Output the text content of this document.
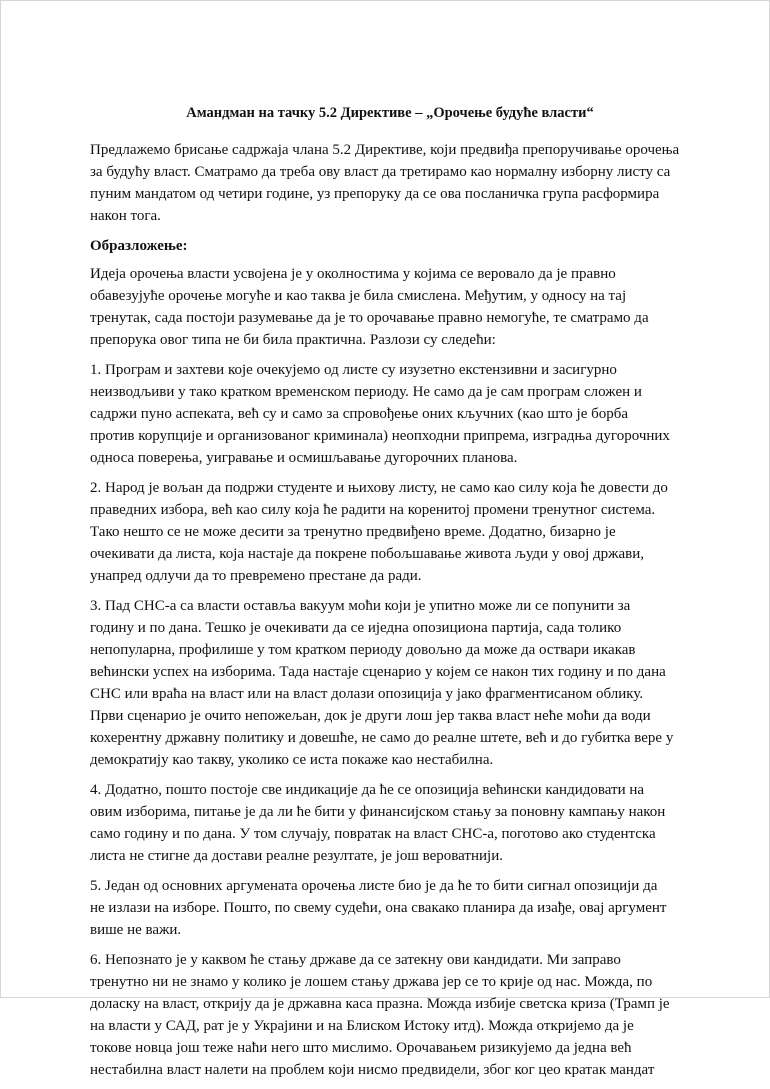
Амандман на тачку 5.2 Директиве – „Орочење будуће власти“

Предлажемо брисање садржаја члана 5.2 Директиве, који предвиђа препоручивање орочења
за будућу власт. Сматрамо да треба ову власт да третирамо као нормалну изборну листу са
пуним мандатом од четири године, уз препоруку да се ова посланичка група расформира
након тога.

Образложење:

Идеја орочења власти усвојена је у околностима у којима се веровало да је правно
обавезујуће орочење могуће и као таква је била смислена. Међутим, у односу на тај
тренутак, сада постоји разумевање да је то орочавање правно немогуће, те сматрамо да
препорука овог типа не би била практична. Разлози су следећи:

1. Програм и захтеви које очекујемо од листе су изузетно екстензивни и засигурно
неизводљиви у тако кратком временском периоду. Не само да је сам програм сложен и
садржи пуно аспеката, већ су и само за спровођење оних кључних (као што је борба
против корупције и организованог криминала) неопходни припрема, изградња дугорочних
односа поверења, уигравање и осмишљавање дугорочних планова.

2. Народ је вољан да подржи студенте и њихову листу, не само као силу која ће довести до
праведних избора, већ као силу која ће радити на коренитој промени тренутног система.
Тако нешто се не може десити за тренутно предвиђено време. Додатно, бизарно је
очекивати да листа, која настаје да покрене побољшавање живота људи у овој држави,
унапред одлучи да то превремено престане да ради.

3. Пад СНС-а са власти оставља вакуум моћи који је упитно може ли се попунити за
годину и по дана. Тешко је очекивати да се иједна опозициона партија, сада толико
непопуларна, профилише у том кратком периоду довољно да може да оствари икакав
већински успех на изборима. Тада настаје сценарио у којем се након тих годину и по дана
СНС или враћа на власт или на власт долази опозиција у јако фрагментисаном облику.
Први сценарио је очито непожељан, док је други лош јер таква власт неће моћи да води
кохерентну државну политику и довешће, не само до реалне штете, већ и до губитка вере у
демократију као такву, уколико се иста покаже као нестабилна.

4. Додатно, пошто постоје све индикације да ће се опозиција већински кандидовати на
овим изборима, питање је да ли ће бити у финансијском стању за поновну кампању након
само годину и по дана. У том случају, повратак на власт СНС-а, поготово ако студентска
листа не стигне да достави реалне резултате, је још вероватнији.

5. Један од основних аргумената орочења листе био је да ће то бити сигнал опозицији да
не излази на изборе. Пошто, по свему судећи, она свакако планира да изађе, овај аргумент
више не важи.

6. Непознато је у каквом ће стању државе да се затекну ови кандидати. Ми заправо
тренутно ни не знамо у колико је лошем стању држава јер се то крије од нас. Можда, по
доласку на власт, открију да је државна каса празна. Можда избије светска криза (Трамп је
на власти у САД, рат је у Украјини и на Блиском Истоку итд). Можда откријемо да је
токове новца још теже наћи него што мислимо. Орочавањем ризикујемо да једна већ
нестабилна власт налети на проблем који нисмо предвидели, због ког цео кратак мандат
